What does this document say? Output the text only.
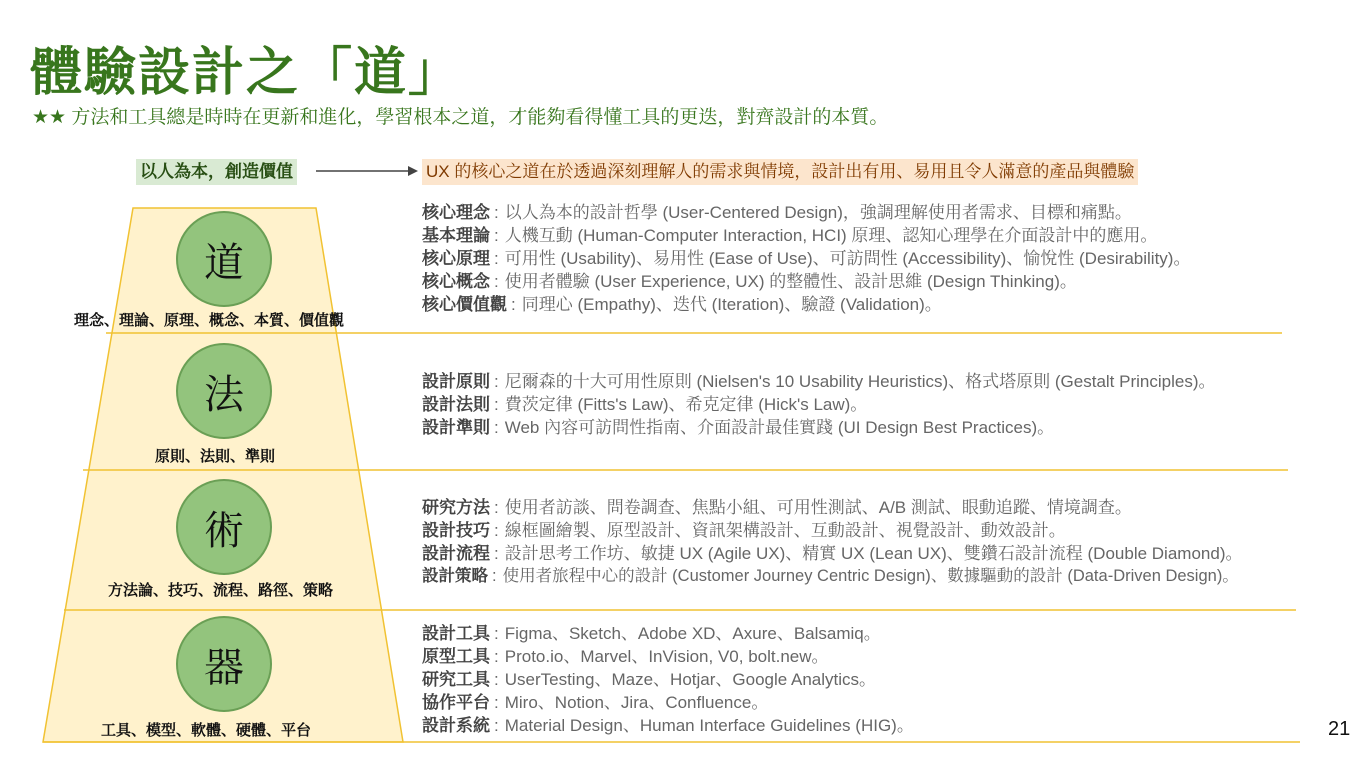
體驗設計之「道」
★★ 方法和工具總是時時在更新和進化，學習根本之道，才能夠看得懂工具的更迭，對齊設計的本質。
以人為本，創造價值	UX 的核心之道在於透過深刻理解人的需求與情境，設計出有用、易用且令人滿意的產品與體驗
道
理念、理論、原理、概念、本質、價值觀
核心理念 : 以人為本的設計哲學 (User-Centered Design)，強調理解使用者需求、目標和痛點。
基本理論 : 人機互動 (Human-Computer Interaction, HCI) 原理、認知心理學在介面設計中的應用。
核心原理 : 可用性 (Usability)、易用性 (Ease of Use)、可訪問性 (Accessibility)、愉悅性 (Desirability)。
核心概念 : 使用者體驗 (User Experience, UX) 的整體性、設計思維 (Design Thinking)。
核心價值觀 : 同理心 (Empathy)、迭代 (Iteration)、驗證 (Validation)。
法
原則、法則、準則
設計原則 : 尼爾森的十大可用性原則 (Nielsen's 10 Usability Heuristics)、格式塔原則 (Gestalt Principles)。
設計法則 : 費茨定律 (Fitts's Law)、希克定律 (Hick's Law)。
設計準則 : Web 內容可訪問性指南、介面設計最佳實踐 (UI Design Best Practices)。
術
方法論、技巧、流程、路徑、策略
研究方法 : 使用者訪談、問卷調查、焦點小組、可用性測試、A/B 測試、眼動追蹤、情境調查。
設計技巧 : 線框圖繪製、原型設計、資訊架構設計、互動設計、視覺設計、動效設計。
設計流程 : 設計思考工作坊、敏捷 UX (Agile UX)、精實 UX (Lean UX)、雙鑽石設計流程 (Double Diamond)。
設計策略 : 使用者旅程中心的設計 (Customer Journey Centric Design)、數據驅動的設計 (Data-Driven Design)。
器
工具、模型、軟體、硬體、平台
設計工具 : Figma、Sketch、Adobe XD、Axure、Balsamiq。
原型工具 : Proto.io、Marvel、InVision, V0, bolt.new。
研究工具 : UserTesting、Maze、Hotjar、Google Analytics。
協作平台 : Miro、Notion、Jira、Confluence。
設計系統 : Material Design、Human Interface Guidelines (HIG)。	21
